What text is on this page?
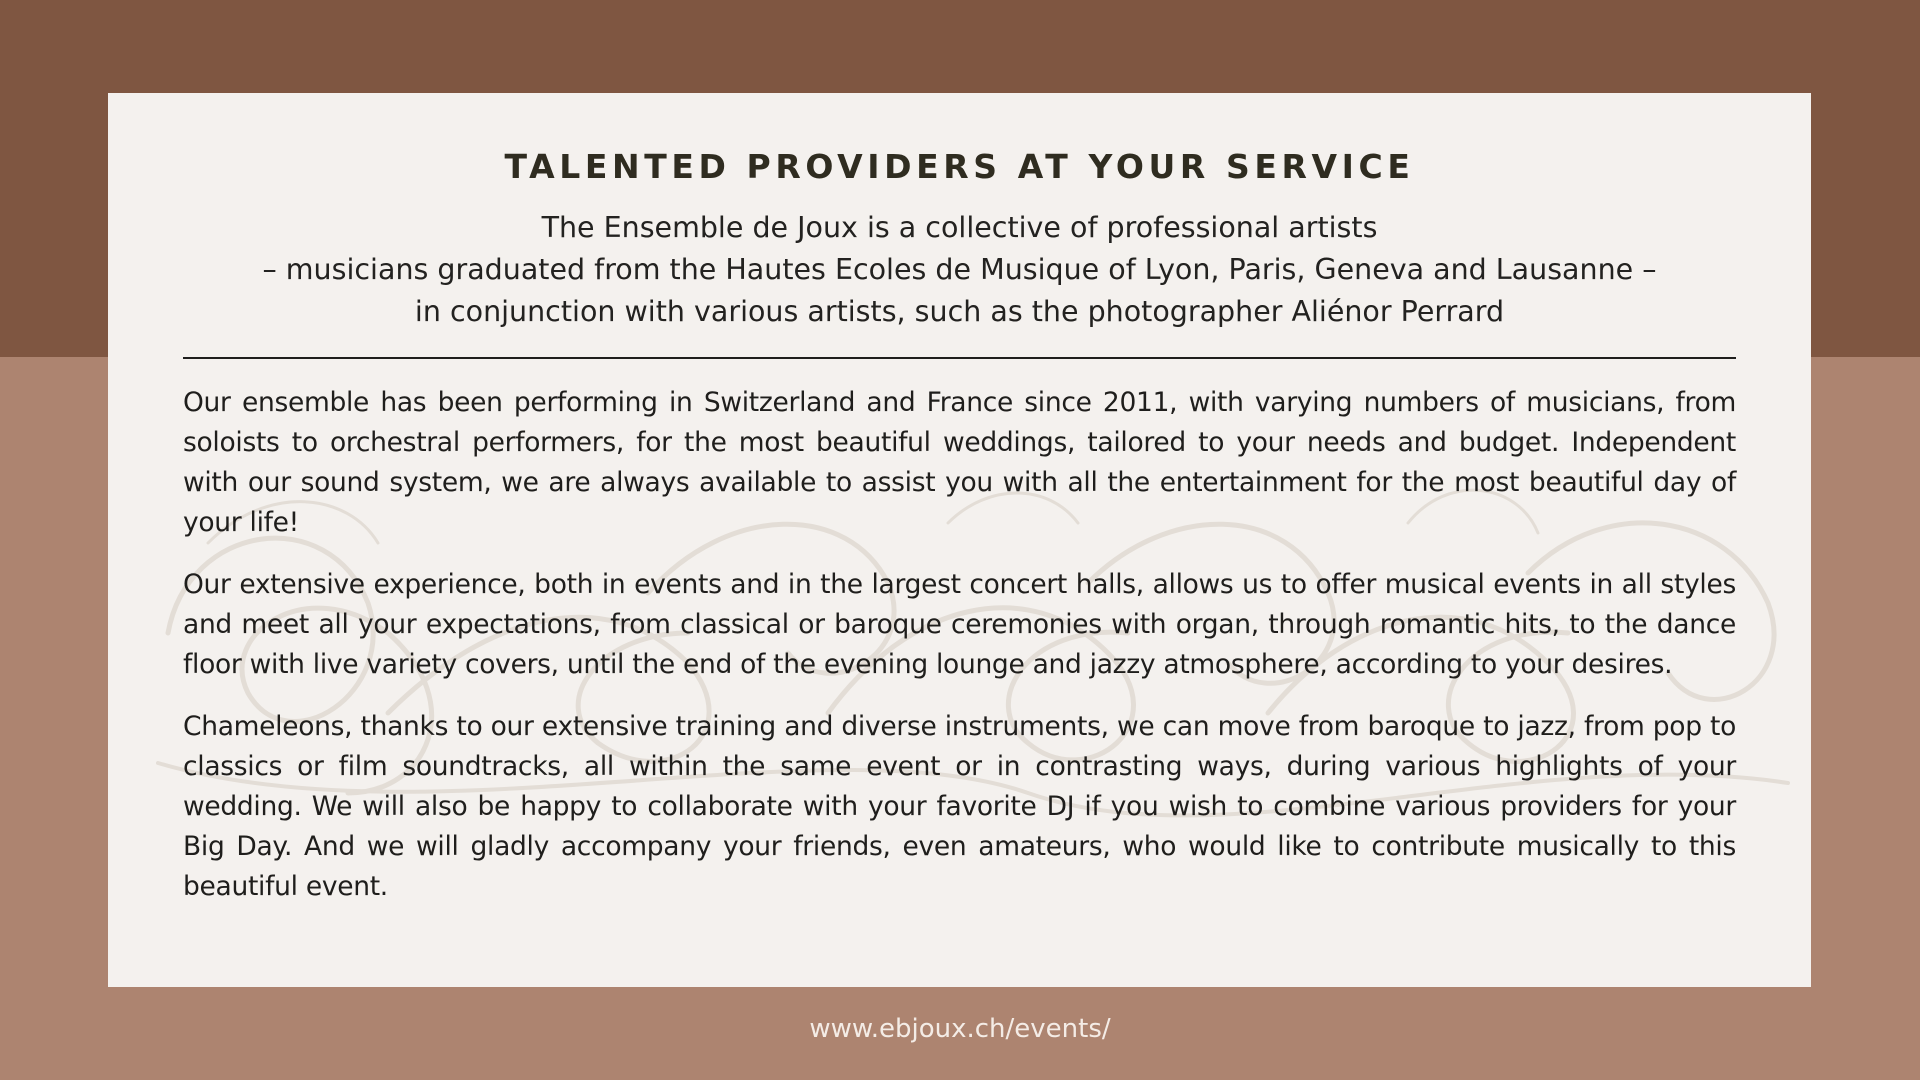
TALENTED PROVIDERS AT YOUR SERVICE
The Ensemble de Joux is a collective of professional artists
– musicians graduated from the Hautes Ecoles de Musique of Lyon, Paris, Geneva and Lausanne –
in conjunction with various artists, such as the photographer Aliénor Perrard

Our ensemble has been performing in Switzerland and France since 2011, with varying numbers of musicians, from soloists to orchestral performers, for the most beautiful weddings, tailored to your needs and budget. Independent with our sound system, we are always available to assist you with all the entertainment for the most beautiful day of your life!

Our extensive experience, both in events and in the largest concert halls, allows us to offer musical events in all styles and meet all your expectations, from classical or baroque ceremonies with organ, through romantic hits, to the dance floor with live variety covers, until the end of the evening lounge and jazzy atmosphere, according to your desires.

Chameleons, thanks to our extensive training and diverse instruments, we can move from baroque to jazz, from pop to classics or film soundtracks, all within the same event or in contrasting ways, during various highlights of your wedding. We will also be happy to collaborate with your favorite DJ if you wish to combine various providers for your Big Day. And we will gladly accompany your friends, even amateurs, who would like to contribute musically to this beautiful event.

www.ebjoux.ch/events/
